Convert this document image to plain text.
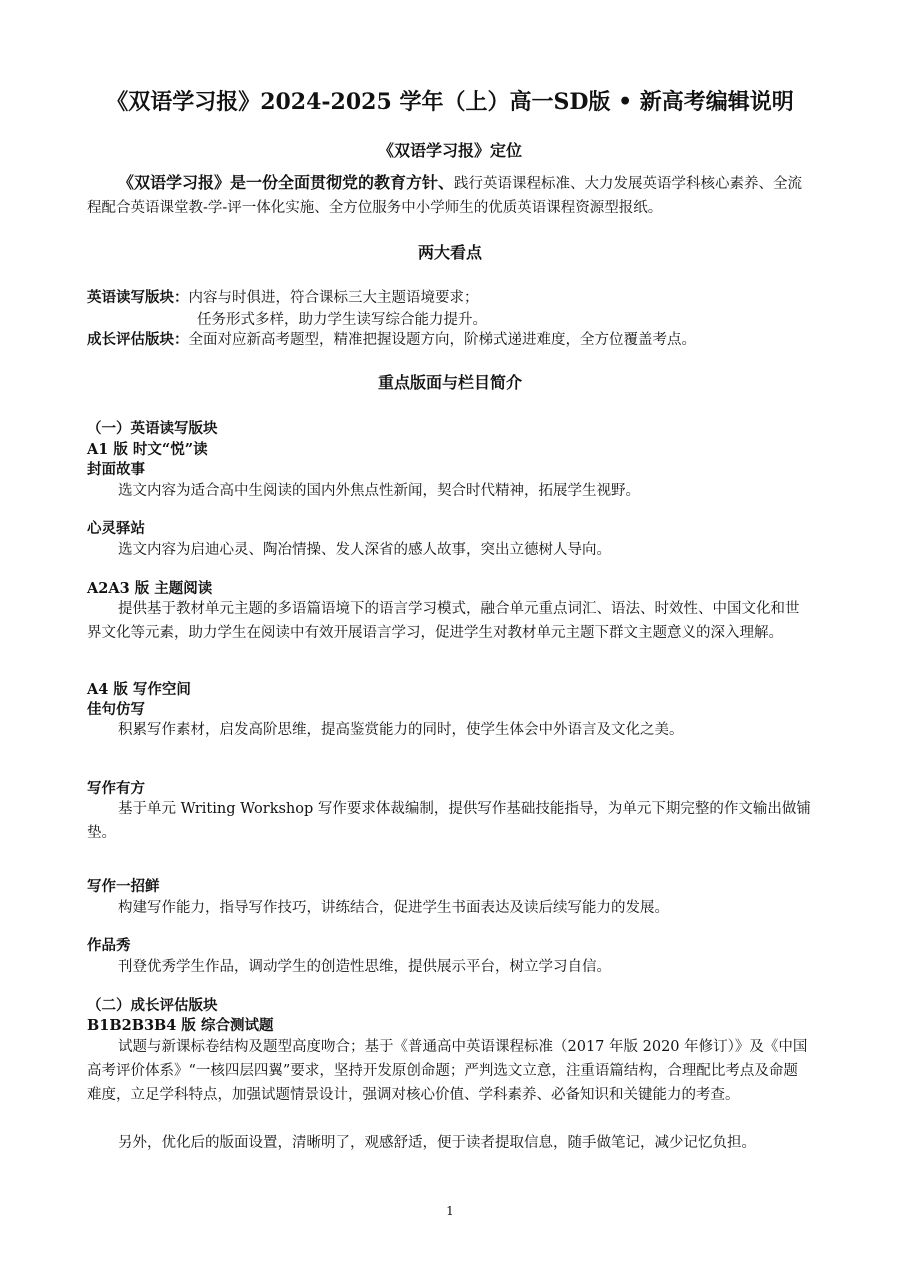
《双语学习报》2024-2025 学年（上）高一SD版 • 新高考编辑说明
《双语学习报》定位
《双语学习报》是一份全面贯彻党的教育方针、践行英语课程标准、大力发展英语学科核心素养、全流程配合英语课堂教-学-评一体化实施、全方位服务中小学师生的优质英语课程资源型报纸。
两大看点
英语读写版块：内容与时俱进，符合课标三大主题语境要求；
任务形式多样，助力学生读写综合能力提升。
成长评估版块：全面对应新高考题型，精准把握设题方向，阶梯式递进难度，全方位覆盖考点。
重点版面与栏目简介
（一）英语读写版块
A1 版 时文“悦”读
封面故事
选文内容为适合高中生阅读的国内外焦点性新闻，契合时代精神，拓展学生视野。
心灵驿站
选文内容为启迪心灵、陶冶情操、发人深省的感人故事，突出立德树人导向。
A2A3 版 主题阅读
提供基于教材单元主题的多语篇语境下的语言学习模式，融合单元重点词汇、语法、时效性、中国文化和世界文化等元素，助力学生在阅读中有效开展语言学习，促进学生对教材单元主题下群文主题意义的深入理解。
A4 版 写作空间
佳句仿写
积累写作素材，启发高阶思维，提高鉴赏能力的同时，使学生体会中外语言及文化之美。
写作有方
基于单元 Writing Workshop 写作要求体裁编制，提供写作基础技能指导，为单元下期完整的作文输出做铺垫。
写作一招鲜
构建写作能力，指导写作技巧，讲练结合，促进学生书面表达及读后续写能力的发展。
作品秀
刊登优秀学生作品，调动学生的创造性思维，提供展示平台，树立学习自信。
（二）成长评估版块
B1B2B3B4 版 综合测试题
试题与新课标卷结构及题型高度吻合；基于《普通高中英语课程标准（2017 年版 2020 年修订）》及《中国高考评价体系》“一核四层四翼”要求，坚持开发原创命题；严判选文立意，注重语篇结构，合理配比考点及命题难度，立足学科特点，加强试题情景设计，强调对核心价值、学科素养、必备知识和关键能力的考查。
另外，优化后的版面设置，清晰明了，观感舒适，便于读者提取信息，随手做笔记，减少记忆负担。
1
